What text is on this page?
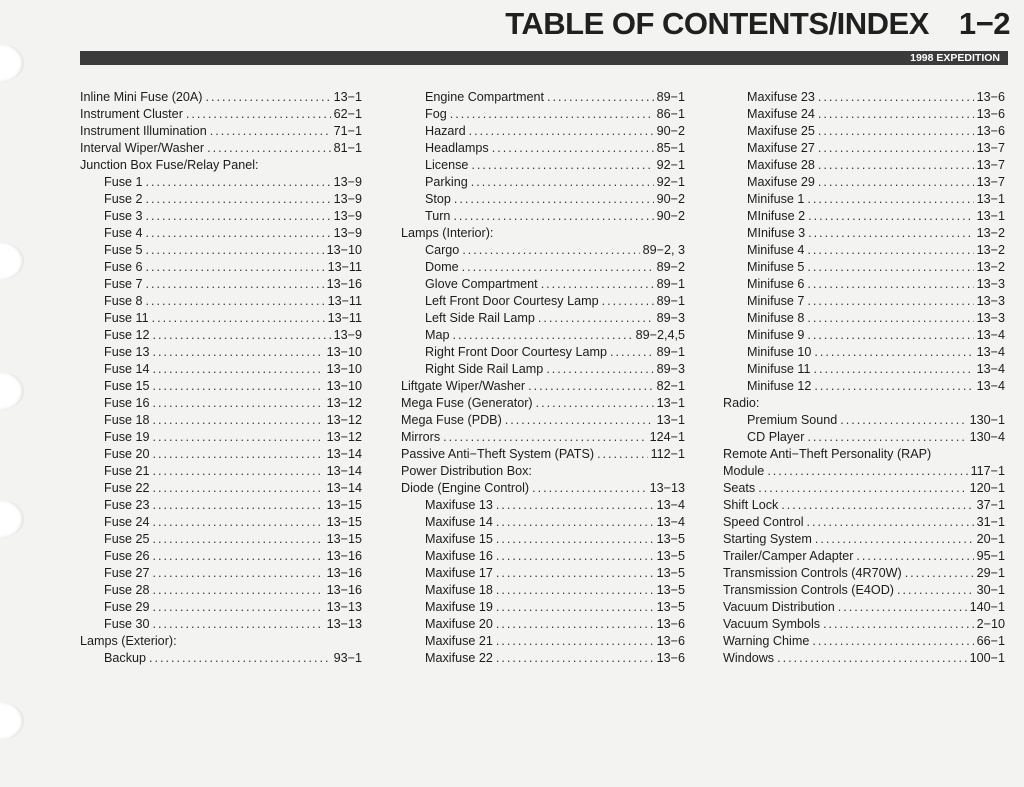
TABLE OF CONTENTS/INDEX 1−2
1998 EXPEDITION
Inline Mini Fuse (20A) .....	13−1
Instrument Cluster .....	62−1
Instrument Illumination .....	71−1
Interval Wiper/Washer .....	81−1
Junction Box Fuse/Relay Panel:
Fuse 1 .....	13−9
Fuse 2 .....	13−9
Fuse 3 .....	13−9
Fuse 4 .....	13−9
Fuse 5 .....	13−10
Fuse 6 .....	13−11
Fuse 7 .....	13−16
Fuse 8 .....	13−11
Fuse 11 .....	13−11
Fuse 12 .....	13−9
Fuse 13 .....	13−10
Fuse 14 .....	13−10
Fuse 15 .....	13−10
Fuse 16 .....	13−12
Fuse 18 .....	13−12
Fuse 19 .....	13−12
Fuse 20 .....	13−14
Fuse 21 .....	13−14
Fuse 22 .....	13−14
Fuse 23 .....	13−15
Fuse 24 .....	13−15
Fuse 25 .....	13−15
Fuse 26 .....	13−16
Fuse 27 .....	13−16
Fuse 28 .....	13−16
Fuse 29 .....	13−13
Fuse 30 .....	13−13
Lamps (Exterior):
Backup .....	93−1
Engine Compartment .....	89−1
Fog .....	86−1
Hazard .....	90−2
Headlamps .....	85−1
License .....	92−1
Parking .....	92−1
Stop .....	90−2
Turn .....	90−2
Lamps (Interior):
Cargo .....	89−2, 3
Dome .....	89−2
Glove Compartment .....	89−1
Left Front Door Courtesy Lamp .....	89−1
Left Side Rail Lamp .....	89−3
Map .....	89−2,4,5
Right Front Door Courtesy Lamp .....	89−1
Right Side Rail Lamp .....	89−3
Liftgate Wiper/Washer .....	82−1
Mega Fuse (Generator) .....	13−1
Mega Fuse (PDB) .....	13−1
Mirrors .....	124−1
Passive Anti−Theft System (PATS) .....	112−1
Power Distribution Box:
Diode (Engine Control) .....	13−13
Maxifuse 13 .....	13−4
Maxifuse 14 .....	13−4
Maxifuse 15 .....	13−5
Maxifuse 16 .....	13−5
Maxifuse 17 .....	13−5
Maxifuse 18 .....	13−5
Maxifuse 19 .....	13−5
Maxifuse 20 .....	13−6
Maxifuse 21 .....	13−6
Maxifuse 22 .....	13−6
Maxifuse 23 .....	13−6
Maxifuse 24 .....	13−6
Maxifuse 25 .....	13−6
Maxifuse 27 .....	13−7
Maxifuse 28 .....	13−7
Maxifuse 29 .....	13−7
Minifuse 1 .....	13−1
MInifuse 2 .....	13−1
MInifuse 3 .....	13−2
Minifuse 4 .....	13−2
Minifuse 5 .....	13−2
Minifuse 6 .....	13−3
Minifuse 7 .....	13−3
Minifuse 8 .....	13−3
Minifuse 9 .....	13−4
Minifuse 10 .....	13−4
Minifuse 11 .....	13−4
Minifuse 12 .....	13−4
Radio:
Premium Sound .....	130−1
CD Player .....	130−4
Remote Anti−Theft Personality (RAP)
Module .....	117−1
Seats .....	120−1
Shift Lock .....	37−1
Speed Control .....	31−1
Starting System .....	20−1
Trailer/Camper Adapter .....	95−1
Transmission Controls (4R70W) .....	29−1
Transmission Controls (E4OD) .....	30−1
Vacuum Distribution .....	140−1
Vacuum Symbols .....	2−10
Warning Chime .....	66−1
Windows .....	100−1
